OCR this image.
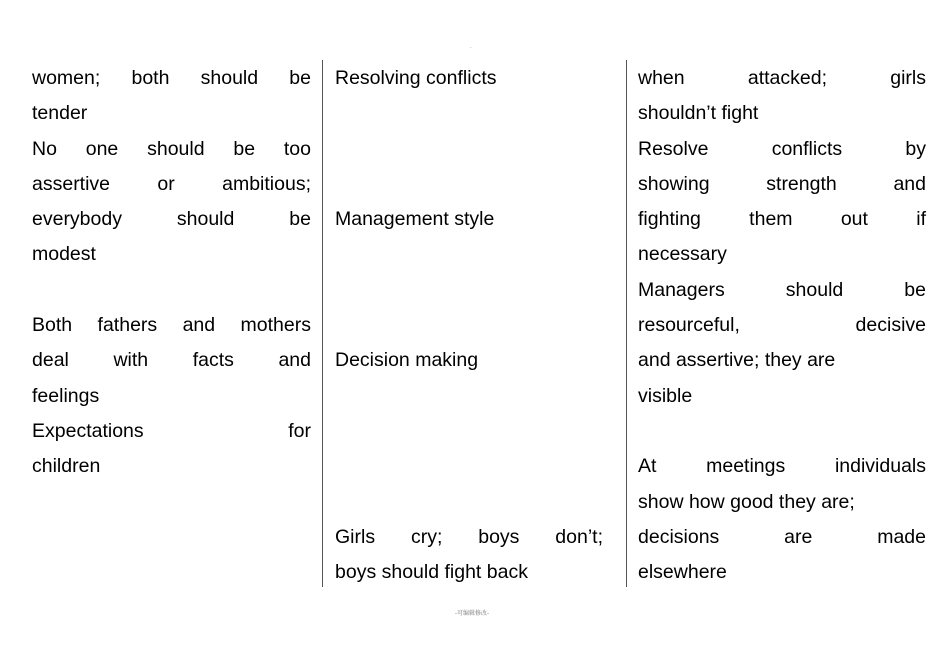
.
women; both should be
tender
No one should be too
assertive or ambitious;
everybody should be
modest
Both fathers and mothers
deal with facts and
feelings
Expectations for
children
Resolving conflicts
Management style
Decision making
Girls cry; boys don’t;
boys should fight back
when attacked; girls
shouldn’t fight
Resolve conflicts by
showing strength and
fighting them out if
necessary
Managers should be
resourceful, decisive
and assertive; they are
visible
At meetings individuals
show how good they are;
decisions are made
elsewhere
-可编辑修改-
